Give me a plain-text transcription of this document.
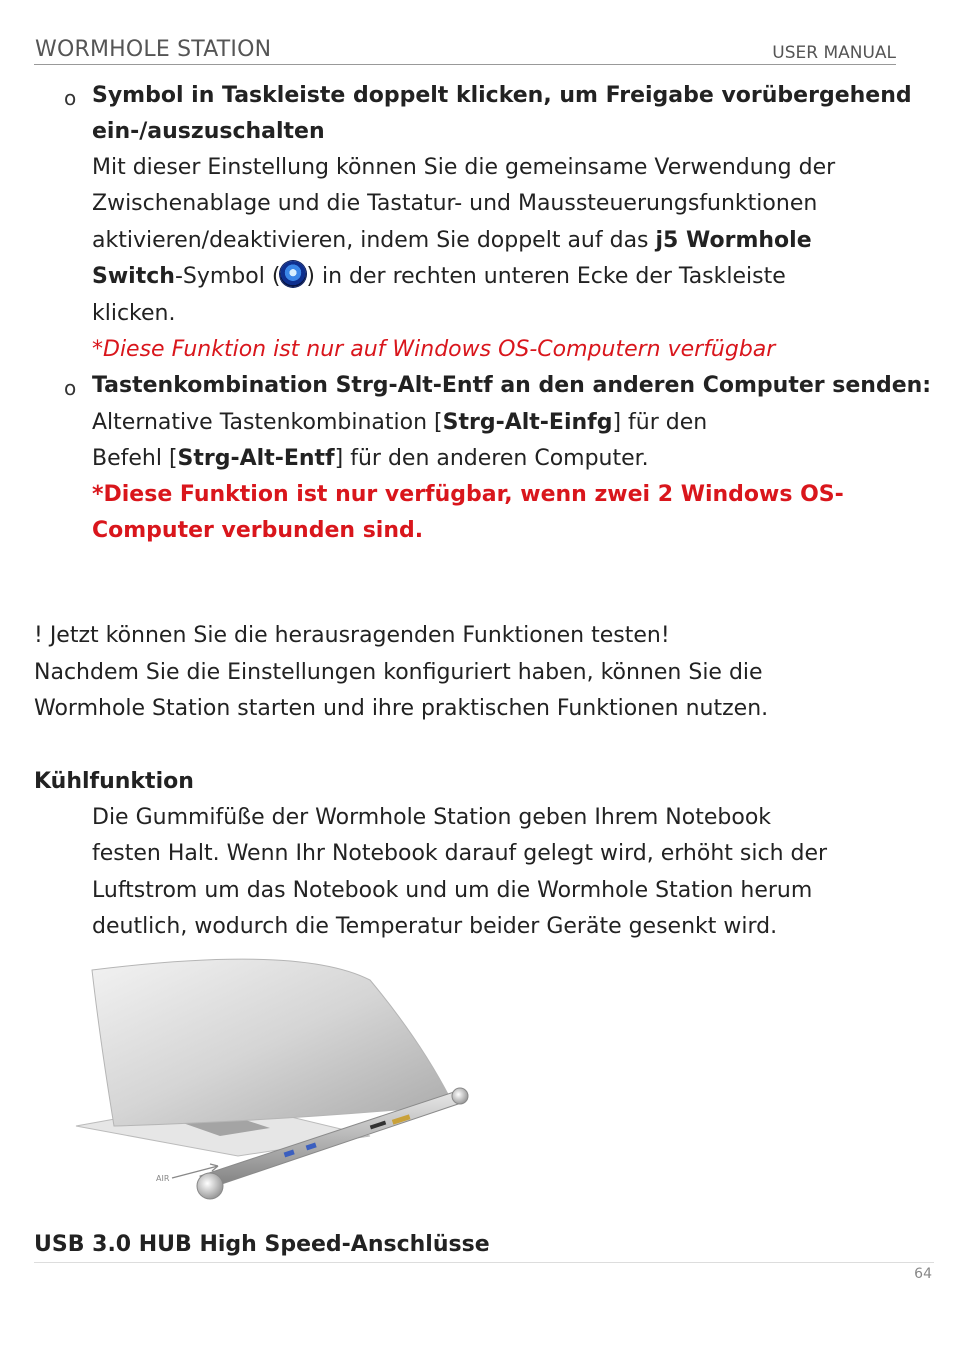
WORMHOLE STATION	USER MANUAL
o Symbol in Taskleiste doppelt klicken, um Freigabe vorübergehend
ein-/auszuschalten
Mit dieser Einstellung können Sie die gemeinsame Verwendung der
Zwischenablage und die Tastatur- und Maussteuerungsfunktionen
aktivieren/deaktivieren, indem Sie doppelt auf das j5 Wormhole
Switch-Symbol ( ) in der rechten unteren Ecke der Taskleiste
klicken.
*Diese Funktion ist nur auf Windows OS-Computern verfügbar
o Tastenkombination Strg-Alt-Entf an den anderen Computer senden:
Alternative Tastenkombination [Strg-Alt-Einfg] für den
Befehl [Strg-Alt-Entf] für den anderen Computer.
*Diese Funktion ist nur verfügbar, wenn zwei 2 Windows OS-
Computer verbunden sind.
! Jetzt können Sie die herausragenden Funktionen testen!
Nachdem Sie die Einstellungen konfiguriert haben, können Sie die
Wormhole Station starten und ihre praktischen Funktionen nutzen.
Kühlfunktion
Die Gummifüße der Wormhole Station geben Ihrem Notebook
festen Halt. Wenn Ihr Notebook darauf gelegt wird, erhöht sich der
Luftstrom um das Notebook und um die Wormhole Station herum
deutlich, wodurch die Temperatur beider Geräte gesenkt wird.
AIR
USB 3.0 HUB High Speed-Anschlüsse
64
